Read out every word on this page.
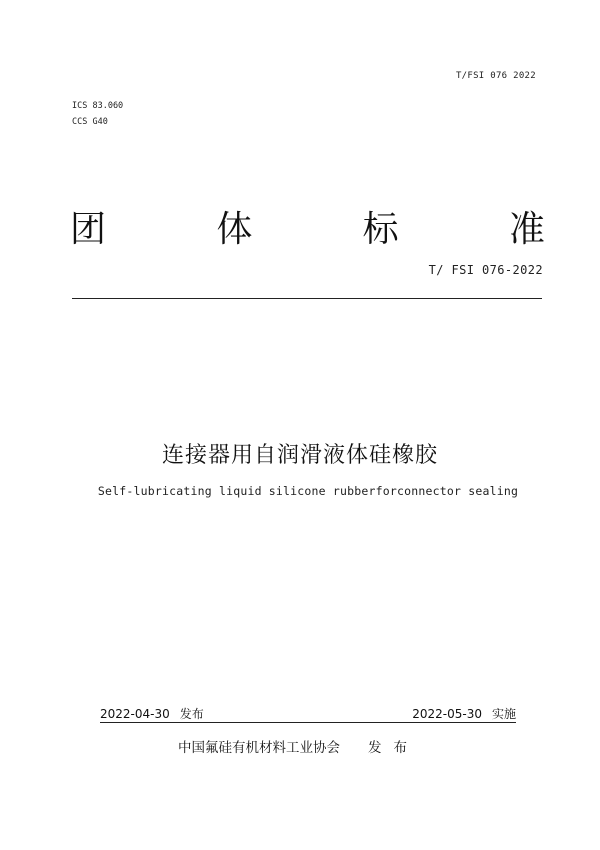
T/FSI 076 2022
ICS 83.060
CCS G40
团	体	标	准
T/ FSI 076-2022
连接器用自润滑液体硅橡胶
Self-lubricating liquid silicone rubberforconnector sealing
2022-04-30 发布	2022-05-30 实施
中国氟硅有机材料工业协会 发布
